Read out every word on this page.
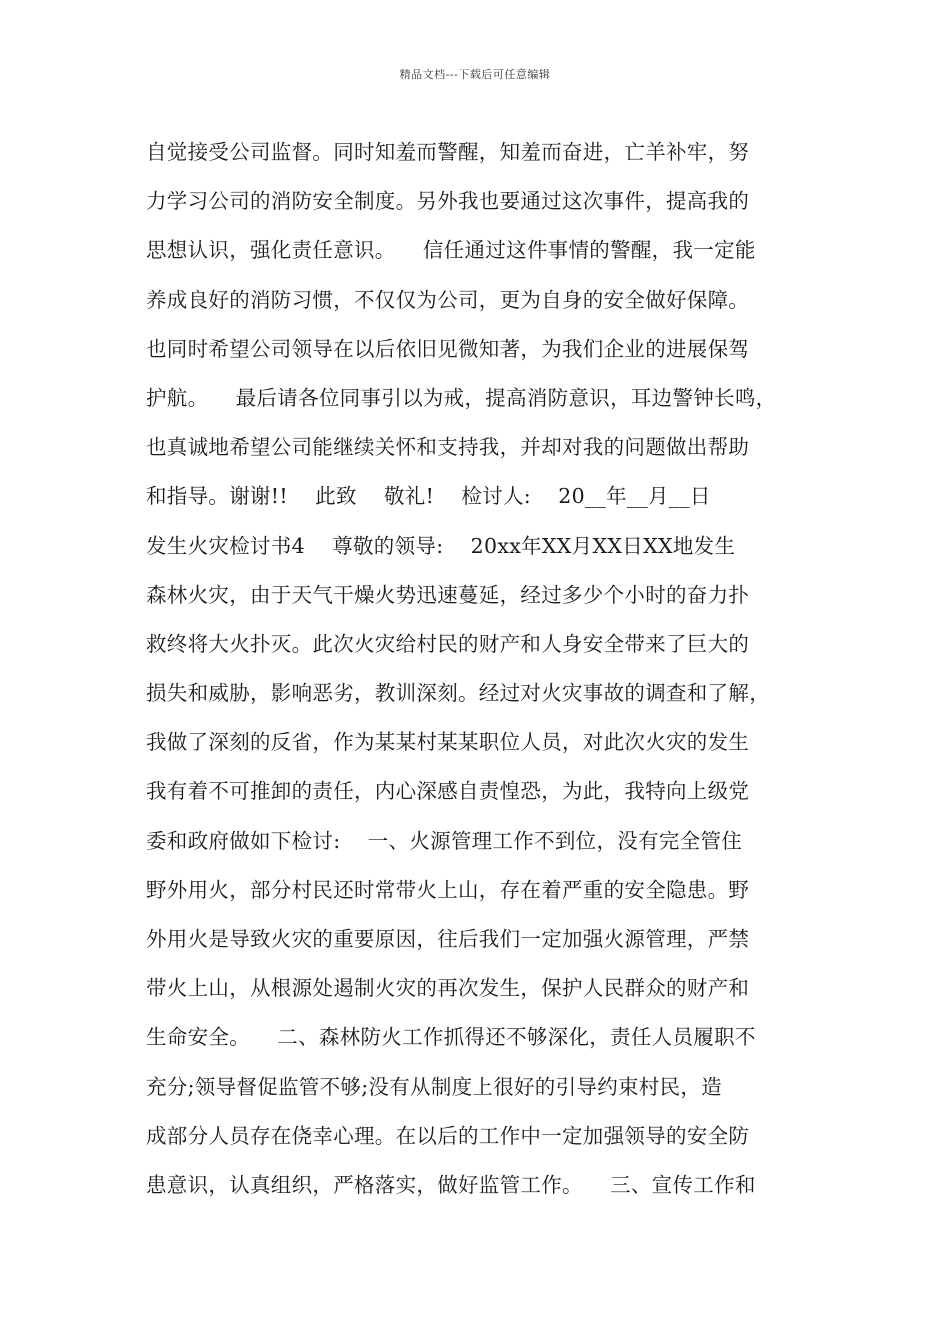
精品文档---下载后可任意编辑
自觉接受公司监督。同时知羞而警醒，知羞而奋进，亡羊补牢，努
力学习公司的消防安全制度。另外我也要通过这次事件，提高我的
思想认识，强化责任意识。    信任通过这件事情的警醒，我一定能
养成良好的消防习惯，不仅仅为公司，更为自身的安全做好保障。
也同时希望公司领导在以后依旧见微知著，为我们企业的进展保驾
护航。    最后请各位同事引以为戒，提高消防意识，耳边警钟长鸣，
也真诚地希望公司能继续关怀和支持我，并却对我的问题做出帮助
和指导。谢谢!!    此致    敬礼!    检讨人:    20__年__月__日
发生火灾检讨书4    尊敬的领导:    20xx年XX月XX日XX地发生
森林火灾，由于天气干燥火势迅速蔓延，经过多少个小时的奋力扑
救终将大火扑灭。此次火灾给村民的财产和人身安全带来了巨大的
损失和威胁，影响恶劣，教训深刻。经过对火灾事故的调查和了解，
我做了深刻的反省，作为某某村某某职位人员，对此次火灾的发生
我有着不可推卸的责任，内心深感自责惶恐，为此，我特向上级党
委和政府做如下检讨:    一、火源管理工作不到位，没有完全管住
野外用火，部分村民还时常带火上山，存在着严重的安全隐患。野
外用火是导致火灾的重要原因，往后我们一定加强火源管理，严禁
带火上山，从根源处遏制火灾的再次发生，保护人民群众的财产和
生命安全。    二、森林防火工作抓得还不够深化，责任人员履职不
充分;领导督促监管不够;没有从制度上很好的引导约束村民，造
成部分人员存在侥幸心理。在以后的工作中一定加强领导的安全防
患意识，认真组织，严格落实，做好监管工作。    三、宣传工作和
